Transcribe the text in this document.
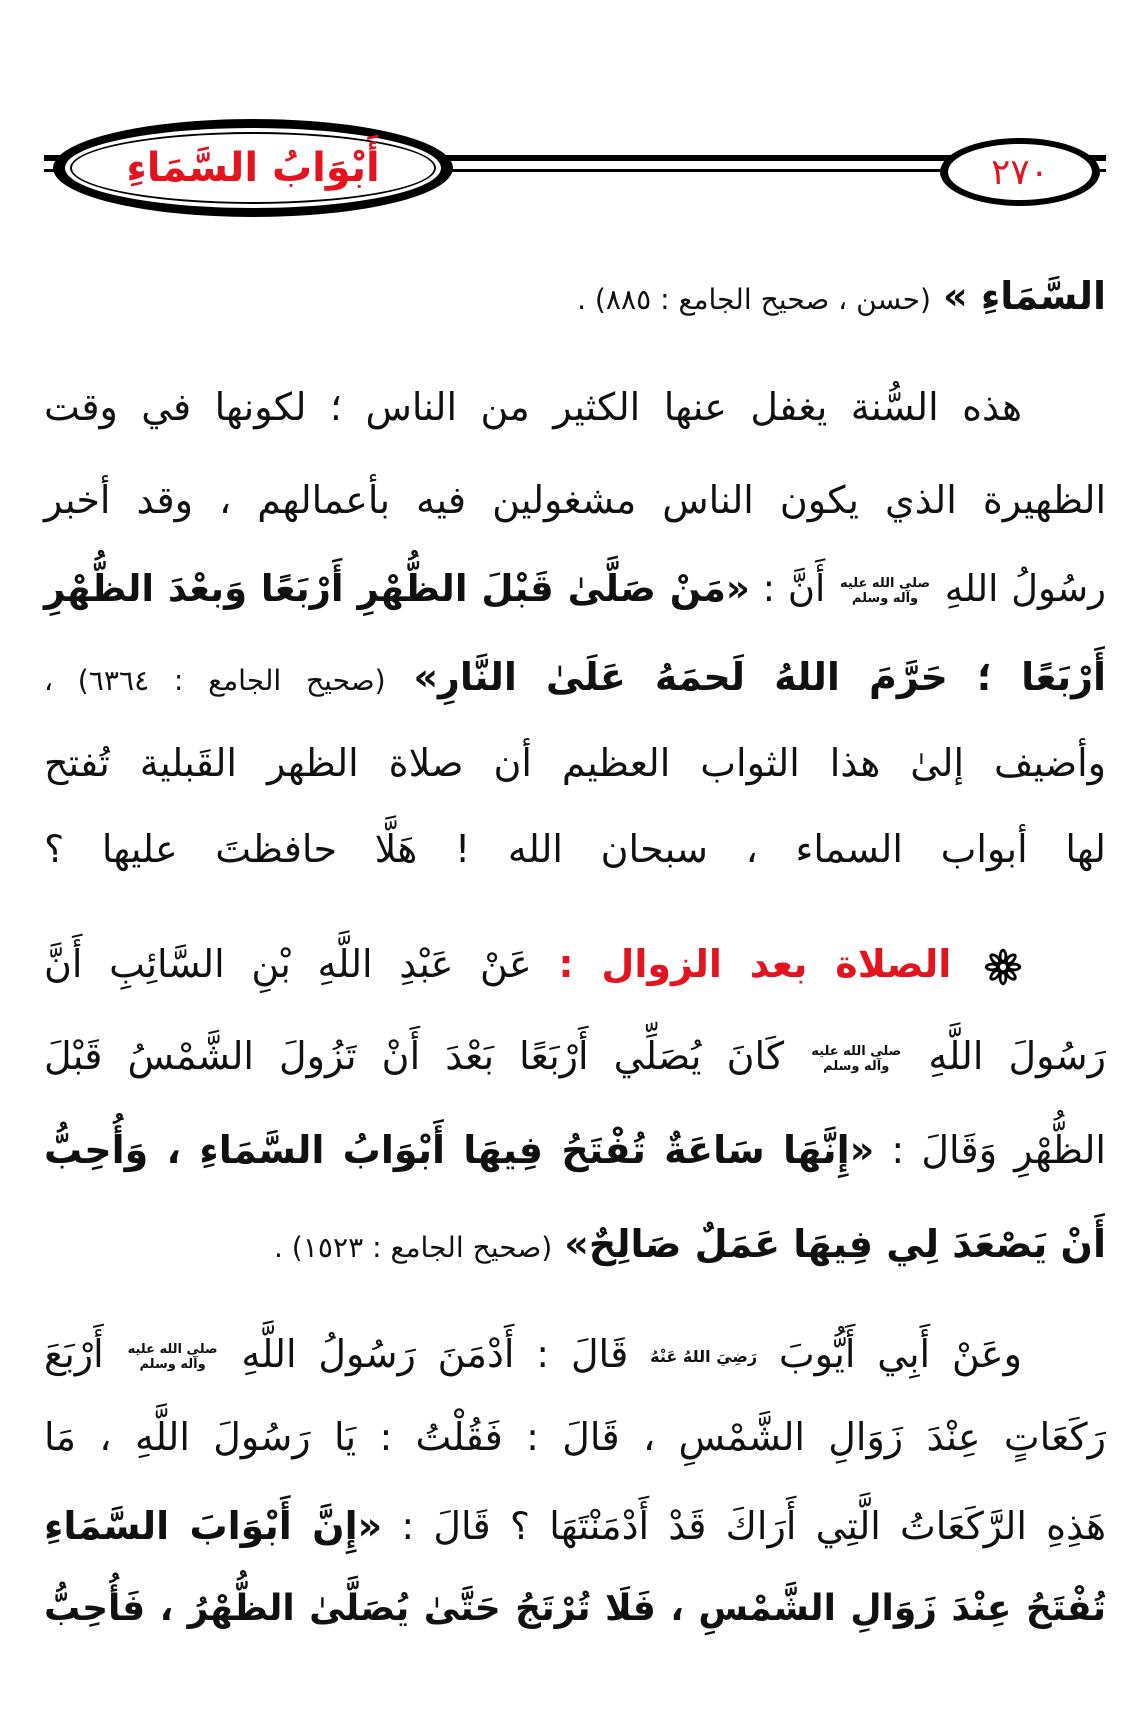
أَبْوَابُ السَّمَاءِ	٢٧٠
السَّمَاءِ » (حسن ، صحيح الجامع : ٨٨٥) .
هذه السُّنة يغفل عنها الكثير من الناس ؛ لكونها في وقت
الظهيرة الذي يكون الناس مشغولين فيه بأعمالهم ، وقد أخبر
رسُولُ اللهِ
صلى الله عليه
وآله وسلم
أَنَّ : «مَنْ صَلَّىٰ قَبْلَ الظُّهْرِ أَرْبَعًا وَبعْدَ الظُّهْرِ
أَرْبَعًا ؛ حَرَّمَ اللهُ لَحمَهُ عَلَىٰ النَّارِ» (صحيح الجامع : ٦٣٦٤) ،
وأضيف إلىٰ هذا الثواب العظيم أن صلاة الظهر القَبلية تُفتح
لها أبواب السماء ، سبحان الله ! هَلَّا حافظتَ عليها ؟
الصلاة بعد الزوال : عَنْ عَبْدِ اللَّهِ بْنِ السَّائِبِ أَنَّ
رَسُولَ اللَّهِ
صلى الله عليه
وآله وسلم
كَانَ يُصَلِّي أَرْبَعًا بَعْدَ أَنْ تَزُولَ الشَّمْسُ قَبْلَ
الظُّهْرِ وَقَالَ : «إِنَّهَا سَاعَةٌ تُفْتَحُ فِيهَا أَبْوَابُ السَّمَاءِ ، وَأُحِبُّ
أَنْ يَصْعَدَ لِي فِيهَا عَمَلٌ صَالِحٌ» (صحيح الجامع : ١٥٢٣) .
وعَنْ أَبِي أَيُّوبَ رَضِيَ اللهُ عَنْهُ قَالَ : أَدْمَنَ رَسُولُ اللَّهِ
صلى الله عليه
وآله وسلم
أَرْبَعَ
رَكَعَاتٍ عِنْدَ زَوَالِ الشَّمْسِ ، قَالَ : فَقُلْتُ : يَا رَسُولَ اللَّهِ ، مَا
هَذِهِ الرَّكَعَاتُ الَّتِي أَرَاكَ قَدْ أَدْمَنْتَهَا ؟ قَالَ : «إِنَّ أَبْوَابَ السَّمَاءِ
تُفْتَحُ عِنْدَ زَوَالِ الشَّمْسِ ، فَلَا تُرْتَجُ حَتَّىٰ يُصَلَّىٰ الظُّهْرُ ، فَأُحِبُّ
